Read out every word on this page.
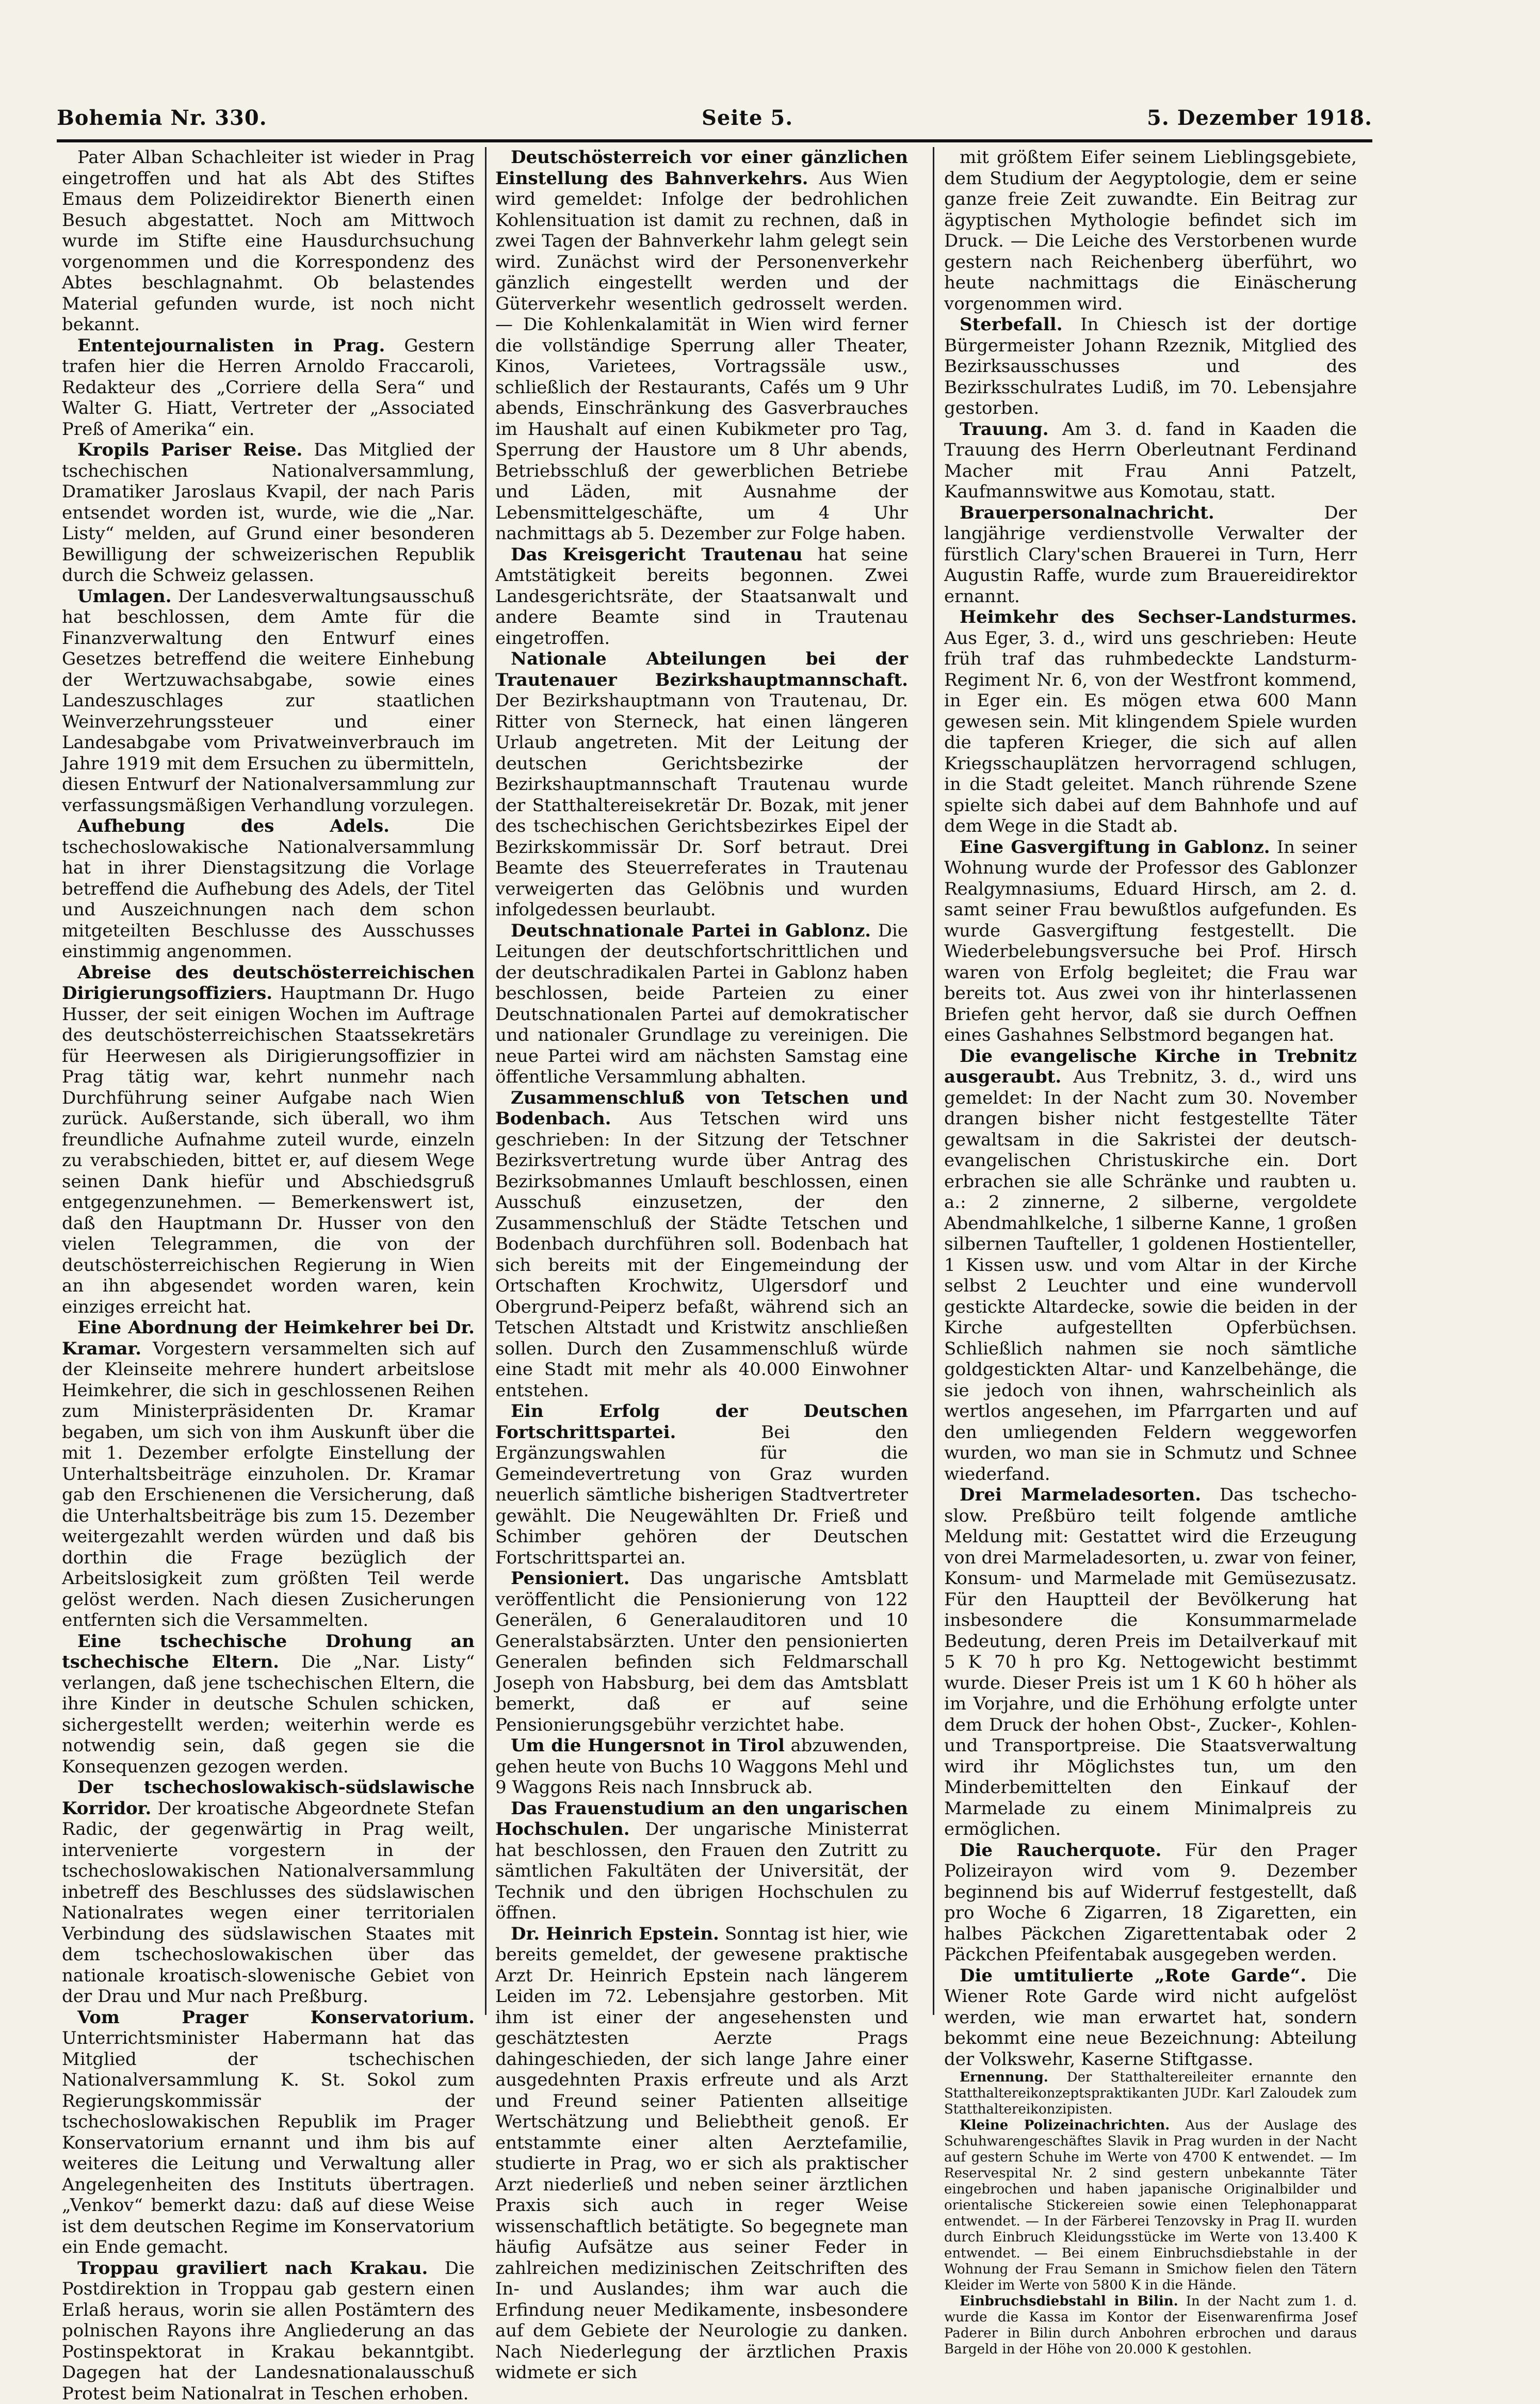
Bohemia Nr. 330.	Seite 5.	5. Dezember 1918.

Pater Alban Schachleiter ist wieder in Prag eingetroffen und hat als Abt des Stiftes Emaus dem Polizeidirektor Bienerth einen Besuch abgestattet. Noch am Mittwoch wurde im Stifte eine Hausdurchsuchung vorgenommen und die Korrespondenz des Abtes beschlagnahmt. Ob belastendes Material gefunden wurde, ist noch nicht bekannt.

Ententejournalisten in Prag. Gestern trafen hier die Herren Arnoldo Fraccaroli, Redakteur des „Corriere della Sera“ und Walter G. Hiatt, Vertreter der „Associated Preß of Amerika“ ein.

Kropils Pariser Reise. Das Mitglied der tschechischen Nationalversammlung, Dramatiker Jaroslaus Kvapil, der nach Paris entsendet worden ist, wurde, wie die „Nar. Listy“ melden, auf Grund einer besonderen Bewilligung der schweizerischen Republik durch die Schweiz gelassen.

Umlagen. Der Landesverwaltungsausschuß hat beschlossen, dem Amte für die Finanzverwaltung den Entwurf eines Gesetzes betreffend die weitere Einhebung der Wertzuwachsabgabe, sowie eines Landeszuschlages zur staatlichen Weinverzehrungssteuer und einer Landesabgabe vom Privatweinverbrauch im Jahre 1919 mit dem Ersuchen zu übermitteln, diesen Entwurf der Nationalversammlung zur verfassungsmäßigen Verhandlung vorzulegen.

Aufhebung des Adels.	Die tschechoslowakische Nationalversammlung hat in ihrer Dienstagsitzung die Vorlage betreffend die Aufhebung des Adels, der Titel und Auszeichnungen nach dem schon mitgeteilten Beschlusse des Ausschusses einstimmig angenommen.

Abreise des deutschösterreichischen Dirigierungsoffiziers. Hauptmann Dr. Hugo Husser, der seit einigen Wochen im Auftrage des deutschösterreichischen Staatssekretärs für Heerwesen als Dirigierungsoffizier in Prag tätig war, kehrt nunmehr nach Durchführung seiner Aufgabe nach Wien zurück. Außerstande, sich überall, wo ihm freundliche Aufnahme zuteil wurde, einzeln zu verabschieden, bittet er, auf diesem Wege seinen Dank hiefür und Abschiedsgruß entgegenzunehmen. — Bemerkenswert ist, daß den Hauptmann Dr. Husser von den vielen Telegrammen, die von der deutschösterreichischen Regierung in Wien an ihn abgesendet worden waren, kein einziges erreicht hat.

Eine Abordnung der Heimkehrer bei Dr. Kramar. Vorgestern versammelten sich auf der Kleinseite mehrere hundert arbeitslose Heimkehrer, die sich in geschlossenen Reihen zum Ministerpräsidenten Dr. Kramar begaben, um sich von ihm Auskunft über die mit 1. Dezember erfolgte Einstellung der Unterhaltsbeiträge einzuholen. Dr. Kramar gab den Erschienenen die Versicherung, daß die Unterhaltsbeiträge bis zum 15. Dezember weitergezahlt werden würden und daß bis dorthin die Frage bezüglich der Arbeitslosigkeit zum größten Teil werde gelöst werden. Nach diesen Zusicherungen entfernten sich die Versammelten.

Eine tschechische Drohung an tschechische Eltern. Die „Nar. Listy“ verlangen, daß jene tschechischen Eltern, die ihre Kinder in deutsche Schulen schicken, sichergestellt werden; weiterhin werde es notwendig sein, daß gegen sie die Konsequenzen gezogen werden.

Der tschechoslowakisch-südslawische Korridor. Der kroatische Abgeordnete Stefan Radic, der gegenwärtig in Prag weilt, intervenierte vorgestern in der tschechoslowakischen Nationalversammlung inbetreff des Beschlusses des südslawischen Nationalrates wegen einer territorialen Verbindung des südslawischen Staates mit dem tschechoslowakischen über das nationale kroatisch-slowenische Gebiet von der Drau und Mur nach Preßburg.

Vom Prager Konservatorium. Unterrichtsminister Habermann hat das Mitglied der tschechischen Nationalversammlung K. St. Sokol zum Regierungskommissär der tschechoslowakischen Republik im Prager Konservatorium ernannt und ihm bis auf weiteres die Leitung und Verwaltung aller Angelegenheiten des Instituts übertragen. „Venkov“ bemerkt dazu: daß auf diese Weise ist dem deutschen Regime im Konservatorium ein Ende gemacht.

Troppau graviliert nach Krakau. Die Postdirektion in Troppau gab gestern einen Erlaß heraus, worin sie allen Postämtern des polnischen Rayons ihre Angliederung an das Postinspektorat in Krakau bekanntgibt. Dagegen hat der Landesnationalausschuß Protest beim Nationalrat in Teschen erhoben.

Deutschösterreich vor einer gänzlichen Einstellung des Bahnverkehrs. Aus Wien wird gemeldet: Infolge der bedrohlichen Kohlensituation ist damit zu rechnen, daß in zwei Tagen der Bahnverkehr lahm gelegt sein wird. Zunächst wird der Personenverkehr gänzlich eingestellt werden und der Güterverkehr wesentlich gedrosselt werden. — Die Kohlenkalamität in Wien wird ferner die vollständige Sperrung aller Theater, Kinos, Varietees, Vortragssäle usw., schließlich der Restaurants, Cafés um 9 Uhr abends, Einschränkung des Gasverbrauches im Haushalt auf einen Kubikmeter pro Tag, Sperrung der Haustore um 8 Uhr abends, Betriebsschluß der gewerblichen Betriebe und Läden, mit Ausnahme der Lebensmittelgeschäfte, um 4 Uhr nachmittags ab 5. Dezember zur Folge haben.

Das Kreisgericht Trautenau hat seine Amtstätigkeit bereits begonnen. Zwei Landesgerichtsräte, der Staatsanwalt und andere Beamte sind in Trautenau eingetroffen.

Nationale Abteilungen bei der Trautenauer Bezirkshauptmannschaft. Der Bezirkshauptmann von Trautenau, Dr. Ritter von Sterneck, hat einen längeren Urlaub angetreten. Mit der Leitung der deutschen Gerichtsbezirke der Bezirkshauptmannschaft Trautenau wurde der Statthaltereisekretär Dr. Bozak, mit jener des tschechischen Gerichtsbezirkes Eipel der Bezirkskommissär Dr. Sorf betraut. Drei Beamte des Steuerreferates in Trautenau verweigerten das Gelöbnis und wurden infolgedessen beurlaubt.

Deutschnationale Partei in Gablonz. Die Leitungen der deutschfortschrittlichen und der deutschradikalen Partei in Gablonz haben beschlossen, beide Parteien zu einer Deutschnationalen Partei auf demokratischer und nationaler Grundlage zu vereinigen. Die neue Partei wird am nächsten Samstag eine öffentliche Versammlung abhalten.

Zusammenschluß von Tetschen und Bodenbach. Aus Tetschen wird uns geschrieben: In der Sitzung der Tetschner Bezirksvertretung wurde über Antrag des Bezirksobmannes Umlauft beschlossen, einen Ausschuß einzusetzen, der den Zusammenschluß der Städte Tetschen und Bodenbach durchführen soll. Bodenbach hat sich bereits mit der Eingemeindung der Ortschaften Krochwitz, Ulgersdorf und Obergrund-Peiperz befaßt, während sich an Tetschen Altstadt und Kristwitz anschließen sollen. Durch den Zusammenschluß würde eine Stadt mit mehr als 40.000 Einwohner entstehen.

Ein Erfolg der Deutschen Fortschrittspartei.	Bei den Ergänzungswahlen für die Gemeindevertretung von Graz wurden neuerlich sämtliche bisherigen Stadtvertreter gewählt. Die Neugewählten Dr. Frieß und Schimber gehören der Deutschen Fortschrittspartei an.

Pensioniert. Das ungarische Amtsblatt veröffentlicht die Pensionierung von 122 Generälen, 6 Generalauditoren und 10 Generalstabsärzten. Unter den pensionierten Generalen befinden sich Feldmarschall Joseph von Habsburg, bei dem das Amtsblatt bemerkt, daß er auf seine Pensionierungsgebühr verzichtet habe.

Um die Hungersnot in Tirol abzuwenden, gehen heute von Buchs 10 Waggons Mehl und 9 Waggons Reis nach Innsbruck ab.

Das Frauenstudium an den ungarischen Hochschulen. Der ungarische Ministerrat hat beschlossen, den Frauen den Zutritt zu sämtlichen Fakultäten der Universität, der Technik und den übrigen Hochschulen zu öffnen.

Dr. Heinrich Epstein. Sonntag ist hier, wie bereits gemeldet, der gewesene praktische Arzt Dr. Heinrich Epstein nach längerem Leiden im 72. Lebensjahre gestorben. Mit ihm ist einer der angesehensten und geschätztesten Aerzte Prags dahingeschieden, der sich lange Jahre einer ausgedehnten Praxis erfreute und als Arzt und Freund seiner Patienten allseitige Wertschätzung und Beliebtheit genoß. Er entstammte einer alten Aerztefamilie, studierte in Prag, wo er sich als praktischer Arzt niederließ und neben seiner ärztlichen Praxis sich auch in reger Weise wissenschaftlich betätigte. So begegnete man häufig Aufsätze aus seiner Feder in zahlreichen medizinischen Zeitschriften des In- und Auslandes; ihm war auch die Erfindung neuer Medikamente, insbesondere auf dem Gebiete der Neurologie zu danken. Nach Niederlegung der ärztlichen Praxis widmete er sich

mit größtem Eifer seinem Lieblingsgebiete, dem Studium der Aegyptologie, dem er seine ganze freie Zeit zuwandte. Ein Beitrag zur ägyptischen Mythologie befindet sich im Druck. — Die Leiche des Verstorbenen wurde gestern nach Reichenberg überführt, wo heute nachmittags die Einäscherung vorgenommen wird.

Sterbefall. In Chiesch ist der dortige Bürgermeister Johann Rzeznik, Mitglied des Bezirksausschusses und des Bezirksschulrates Ludiß, im 70. Lebensjahre gestorben.

Trauung. Am 3. d. fand in Kaaden die Trauung des Herrn Oberleutnant Ferdinand Macher mit Frau Anni Patzelt, Kaufmannswitwe aus Komotau, statt.

Brauerpersonalnachricht.	Der langjährige verdienstvolle Verwalter der fürstlich Clary'schen Brauerei in Turn, Herr Augustin Raffe, wurde zum Brauereidirektor ernannt.

Heimkehr des Sechser-Landsturmes. Aus Eger, 3. d., wird uns geschrieben: Heute früh traf das ruhmbedeckte Landsturm-Regiment Nr. 6, von der Westfront kommend, in Eger ein. Es mögen etwa 600 Mann gewesen sein. Mit klingendem Spiele wurden die tapferen Krieger, die sich auf allen Kriegsschauplätzen hervorragend schlugen, in die Stadt geleitet. Manch rührende Szene spielte sich dabei auf dem Bahnhofe und auf dem Wege in die Stadt ab.

Eine Gasvergiftung in Gablonz. In seiner Wohnung wurde der Professor des Gablonzer Realgymnasiums, Eduard Hirsch, am 2. d. samt seiner Frau bewußtlos aufgefunden. Es wurde Gasvergiftung festgestellt. Die Wiederbelebungsversuche bei Prof. Hirsch waren von Erfolg begleitet; die Frau war bereits tot. Aus zwei von ihr hinterlassenen Briefen geht hervor, daß sie durch Oeffnen eines Gashahnes Selbstmord begangen hat.

Die evangelische Kirche in Trebnitz ausgeraubt. Aus Trebnitz, 3. d., wird uns gemeldet: In der Nacht zum 30. November drangen bisher nicht festgestellte Täter gewaltsam in die Sakristei der deutsch-evangelischen Christuskirche ein. Dort erbrachen sie alle Schränke und raubten u. a.: 2 zinnerne, 2 silberne, vergoldete Abendmahlkelche, 1 silberne Kanne, 1 großen silbernen Taufteller, 1 goldenen Hostienteller, 1 Kissen usw. und vom Altar in der Kirche selbst 2 Leuchter und eine wundervoll gestickte Altardecke, sowie die beiden in der Kirche aufgestellten Opferbüchsen. Schließlich nahmen sie noch sämtliche goldgestickten Altar- und Kanzelbehänge, die sie jedoch von ihnen, wahrscheinlich als wertlos angesehen, im Pfarrgarten und auf den umliegenden Feldern weggeworfen wurden, wo man sie in Schmutz und Schnee wiederfand.

Drei Marmeladesorten. Das tschecho-slow. Preßbüro teilt folgende amtliche Meldung mit: Gestattet wird die Erzeugung von drei Marmeladesorten, u. zwar von feiner, Konsum- und Marmelade mit Gemüsezusatz. Für den Hauptteil der Bevölkerung hat insbesondere die Konsummarmelade Bedeutung, deren Preis im Detailverkauf mit 5 K 70 h pro Kg. Nettogewicht bestimmt wurde. Dieser Preis ist um 1 K 60 h höher als im Vorjahre, und die Erhöhung erfolgte unter dem Druck der hohen Obst-, Zucker-, Kohlen- und Transportpreise. Die Staatsverwaltung wird ihr Möglichstes tun, um den Minderbemittelten den Einkauf der Marmelade zu einem Minimalpreis zu ermöglichen.

Die Raucherquote. Für den Prager Polizeirayon wird vom 9. Dezember beginnend bis auf Widerruf festgestellt, daß pro Woche 6 Zigarren, 18 Zigaretten, ein halbes Päckchen Zigarettentabak oder 2 Päckchen Pfeifentabak ausgegeben werden.

Die umtitulierte „Rote Garde“. Die Wiener Rote Garde wird nicht aufgelöst werden, wie man erwartet hat, sondern bekommt eine neue Bezeichnung: Abteilung der Volkswehr, Kaserne Stiftgasse.

Ernennung. Der Statthaltereileiter ernannte den Statthaltereikonzeptspraktikanten JUDr. Karl Zaloudek zum Statthaltereikonzipisten.

Kleine Polizeinachrichten. Aus der Auslage des Schuhwarengeschäftes Slavik in Prag wurden in der Nacht auf gestern Schuhe im Werte von 4700 K entwendet. — Im Reservespital Nr. 2 sind gestern unbekannte Täter eingebrochen und haben japanische Originalbilder und orientalische Stickereien sowie einen Telephonapparat entwendet. — In der Färberei Tenzovsky in Prag II. wurden durch Einbruch Kleidungsstücke im Werte von 13.400 K entwendet. — Bei einem Einbruchsdiebstahle in der Wohnung der Frau Semann in Smichow fielen den Tätern Kleider im Werte von 5800 K in die Hände.

Einbruchsdiebstahl in Bilin. In der Nacht zum 1. d. wurde die Kassa im Kontor der Eisenwarenfirma Josef Paderer in Bilin durch Anbohren erbrochen und daraus Bargeld in der Höhe von 20.000 K gestohlen.
